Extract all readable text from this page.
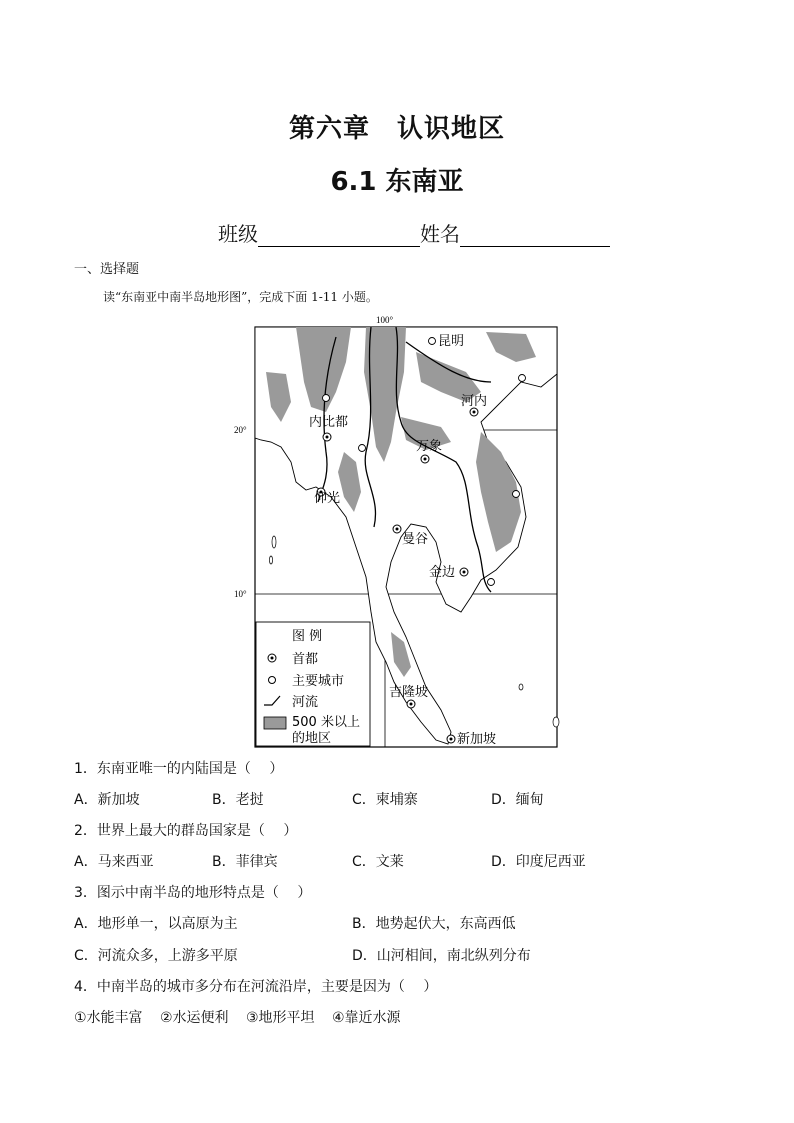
第六章　认识地区
6.1 东南亚
班级	姓名
一、选择题
读“东南亚中南半岛地形图”，完成下面 1-11 小题。
100°
20°
10°
昆明
河内
内比都
万象
仰光
曼谷
金边
吉隆坡
新加坡
图 例
首都
主要城市
河流
500 米以上
的地区
1．东南亚唯一的内陆国是（　 ）
A．新加坡	B．老挝	C．柬埔寨	D．缅甸
2．世界上最大的群岛国家是（　 ）
A．马来西亚	B．菲律宾	C．文莱	D．印度尼西亚
3．图示中南半岛的地形特点是（　 ）
A．地形单一，以高原为主	B．地势起伏大，东高西低
C．河流众多，上游多平原	D．山河相间，南北纵列分布
4．中南半岛的城市多分布在河流沿岸，主要是因为（　 ）
①水能丰富 ②水运便利 ③地形平坦 ④靠近水源
